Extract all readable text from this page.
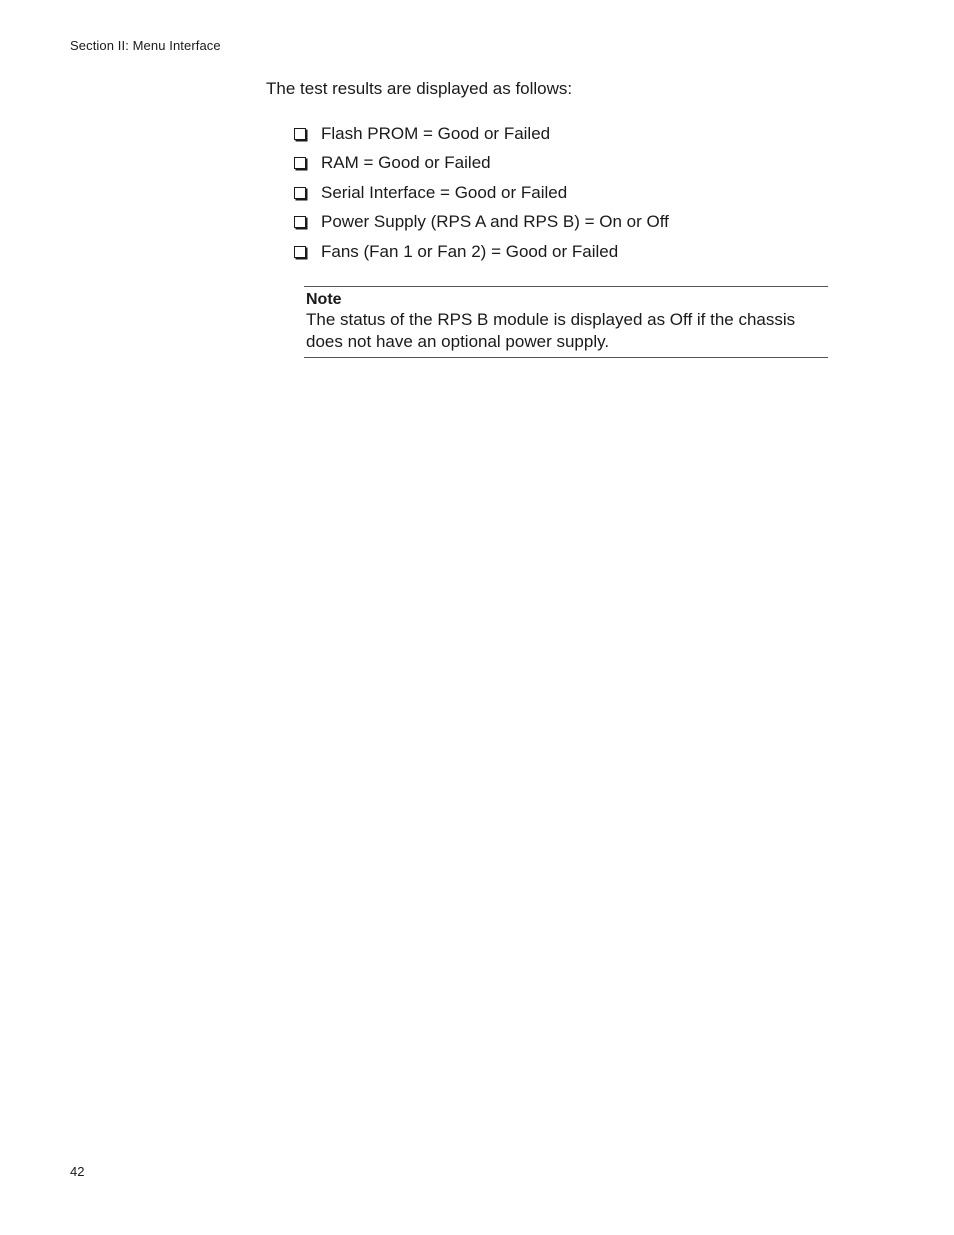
Section II: Menu Interface

The test results are displayed as follows:

Flash PROM = Good or Failed
RAM = Good or Failed
Serial Interface = Good or Failed
Power Supply (RPS A and RPS B) = On or Off
Fans (Fan 1 or Fan 2) = Good or Failed
Note

The status of the RPS B module is displayed as Off if the chassis does not have an optional power supply.

42
